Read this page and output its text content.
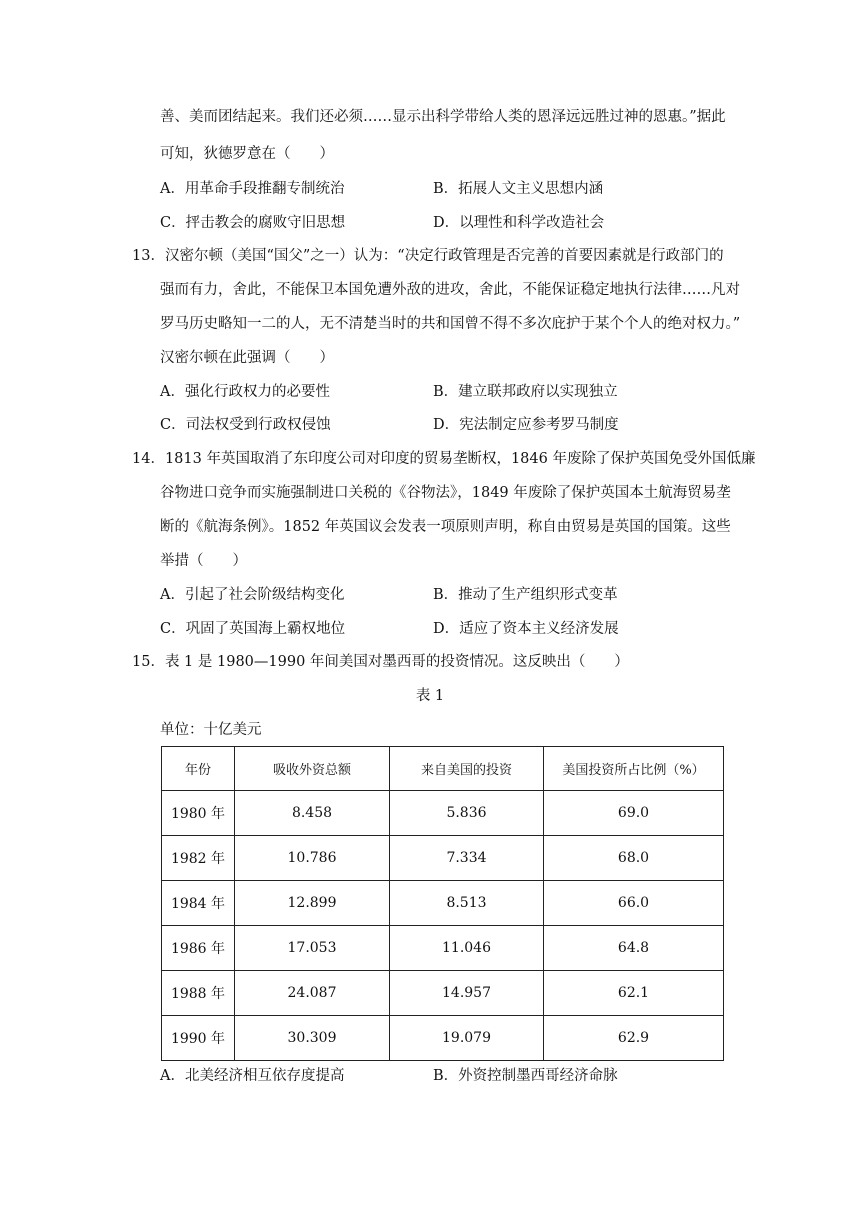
善、美而团结起来。我们还必须……显示出科学带给人类的恩泽远远胜过神的恩惠。”据此
可知，狄德罗意在（　　）
A．用革命手段推翻专制统治	B．拓展人文主义思想内涵
C．抨击教会的腐败守旧思想	D．以理性和科学改造社会
13．汉密尔顿（美国“国父”之一）认为：“决定行政管理是否完善的首要因素就是行政部门的
强而有力，舍此，不能保卫本国免遭外敌的进攻，舍此，不能保证稳定地执行法律……凡对
罗马历史略知一二的人，无不清楚当时的共和国曾不得不多次庇护于某个个人的绝对权力。”
汉密尔顿在此强调（　　）
A．强化行政权力的必要性	B．建立联邦政府以实现独立
C．司法权受到行政权侵蚀	D．宪法制定应参考罗马制度
14．1813 年英国取消了东印度公司对印度的贸易垄断权，1846 年废除了保护英国免受外国低廉
谷物进口竞争而实施强制进口关税的《谷物法》，1849 年废除了保护英国本土航海贸易垄
断的《航海条例》。1852 年英国议会发表一项原则声明，称自由贸易是英国的国策。这些
举措（　　）
A．引起了社会阶级结构变化	B．推动了生产组织形式变革
C．巩固了英国海上霸权地位	D．适应了资本主义经济发展
15．表 1 是 1980—1990 年间美国对墨西哥的投资情况。这反映出（　　）
表 1
单位：十亿美元
年份	吸收外资总额	来自美国的投资	美国投资所占比例（%）
1980 年	8.458	5.836	69.0
1982 年	10.786	7.334	68.0
1984 年	12.899	8.513	66.0
1986 年	17.053	11.046	64.8
1988 年	24.087	14.957	62.1
1990 年	30.309	19.079	62.9
A．北美经济相互依存度提高	B．外资控制墨西哥经济命脉
